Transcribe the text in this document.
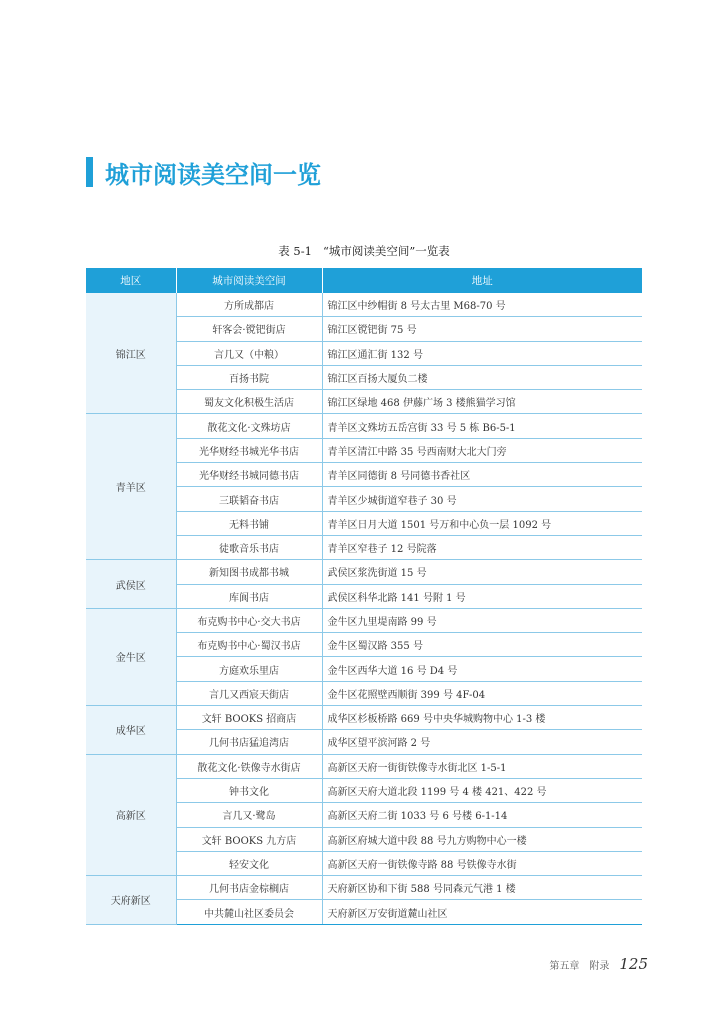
城市阅读美空间一览
表 5-1 “城市阅读美空间”一览表
地区	城市阅读美空间	地址
锦江区	方所成都店	锦江区中纱帽街 8 号太古里 M68-70 号
	轩客会·镋钯街店	锦江区镋钯街 75 号
	言几又（中粮）	锦江区通汇街 132 号
	百扬书院	锦江区百扬大厦负二楼
	蜀友文化积极生活店	锦江区绿地 468 伊藤广场 3 楼熊猫学习馆
青羊区	散花文化·文殊坊店	青羊区文殊坊五岳宫街 33 号 5 栋 B6-5-1
	光华财经书城光华书店	青羊区清江中路 35 号西南财大北大门旁
	光华财经书城同德书店	青羊区同德街 8 号同德书香社区
	三联韬奋书店	青羊区少城街道窄巷子 30 号
	无料书铺	青羊区日月大道 1501 号万和中心负一层 1092 号
	徒歌音乐书店	青羊区窄巷子 12 号院落
武侯区	新知图书成都书城	武侯区浆洗街道 15 号
	库阆书店	武侯区科华北路 141 号附 1 号
金牛区	布克购书中心·交大书店	金牛区九里堤南路 99 号
	布克购书中心·蜀汉书店	金牛区蜀汉路 355 号
	方庭欢乐里店	金牛区西华大道 16 号 D4 号
	言几又西宸天街店	金牛区花照壁西顺街 399 号 4F-04
成华区	文轩 BOOKS 招商店	成华区杉板桥路 669 号中央华城购物中心 1-3 楼
	几何书店猛追湾店	成华区望平滨河路 2 号
高新区	散花文化·铁像寺水街店	高新区天府一街街铁像寺水街北区 1-5-1
	钟书文化	高新区天府大道北段 1199 号 4 楼 421、422 号
	言几又·鹭岛	高新区天府二街 1033 号 6 号楼 6-1-14
	文轩 BOOKS 九方店	高新区府城大道中段 88 号九方购物中心一楼
	轻安文化	高新区天府一街铁像寺路 88 号铁像寺水街
天府新区	几何书店金棕榈店	天府新区协和下街 588 号同森元气港 1 楼
	中共麓山社区委员会	天府新区万安街道麓山社区
第五章 附录 125
